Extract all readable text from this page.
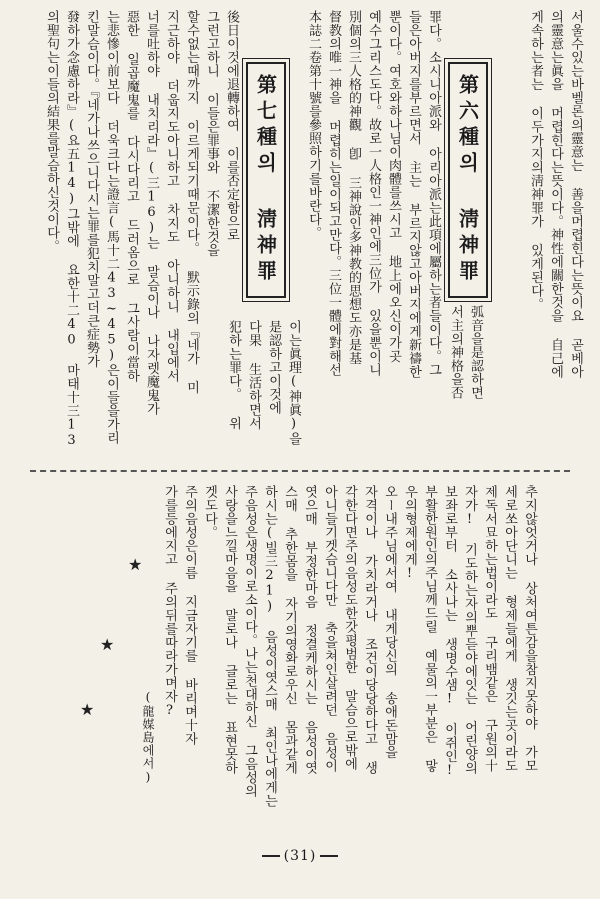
서울수있는바벨론의靈意는 善을머렵힌다는뜻이요 곧베아
의靈意는眞을 머렵힌다는뜻이다。神性에關한것을 自己에
게속하는者는 이두가지의淸神罪가 있게된다。
第六種의 淸神罪
罪다。소시니아派와 아리아派는此項에屬하는者들이다。그
들은아버지를부르면서 主는 부르지않고아버지에게新禱한
뿐이다。여호와하나님이肉體를쓰시고 地上에오신이가곳
예수그리스도다。故로一人格인一神인에三位가 있을뿐이니
別個의三人格的神觀 卽 三神說인多神教的思想도亦是基
督教의唯一神을 머렵히는일이되고만다。三位一體에對해선
本誌二卷第十號를參照하기를바란다。
弧音을是認하면
서主의神格을否
이는眞理(神眞)을
是認하고이것에
다果 生活하면서
犯하는罪다。 위
第七種의 淸神罪
後日이것에退轉하여 이를否定함으로
그런고하니 이들은罪事와 不潔한것을
할수없는때까지 이르게되기때문이다。 默示錄의『네가 미
지근하야 더웁지도아니하고 차지도 아니하니 내입에서
너를吐하야 내치리라』(三16)는 말슴이나 나자렛魔鬼가
惡한 일곱魔鬼를 다시다리고 드러옴으로 그사람이當하
는悲慘이前보다 더욱크다는證言(馬十二43~45)은이들을가리
킨말슴이다。『네가나쓰으니다시는罪를犯치말고더큰症勢가
發하가念慮하라』(요五14)그밖에 요한十二40 마태十三13
의聖句는이들의結果를말슴하신것이다。
추지않엇거나 상처여튼감을참지못하야 가모
세로쏘아단니는 형제들에게 생깃는곳이라도
제독서묘하는법이라도 구리뱀같은 구원의十
자가! 기도하는자의뿌듣야에잇는 어린양의
보좌로부터 소사나는 생명수샘! 이쥐인!
부활한원인의주님께드릴 예물의一부분은 맣
우의형제에게!
오ー내주님에서여 내게당신의 송애돈맘을
자격이나 가치라거나 조건이당당하다고 생
각한다면주의음성도한갓평범한 말슴으로밖에
아니들기겟슴니다만 축을쳐인살려던 음성이
엿으매 부정한마음 정결케하시는 음성이엿
스매 추한몸을 자기의영화로우신 몸과같게
하시는(빌三21) 음성이엿스매 최인나에게는
주음성은생명이로소이다。나는천대하신 그음성의
사랑을느낄마음을 말로나 글로는 표현못하
겟도다。
주의음성은이름 지금자기를 바리며十자
가를등에지고 주의뒤를따라가며자?
(龍媒島에서)
★
★
★
(31)
